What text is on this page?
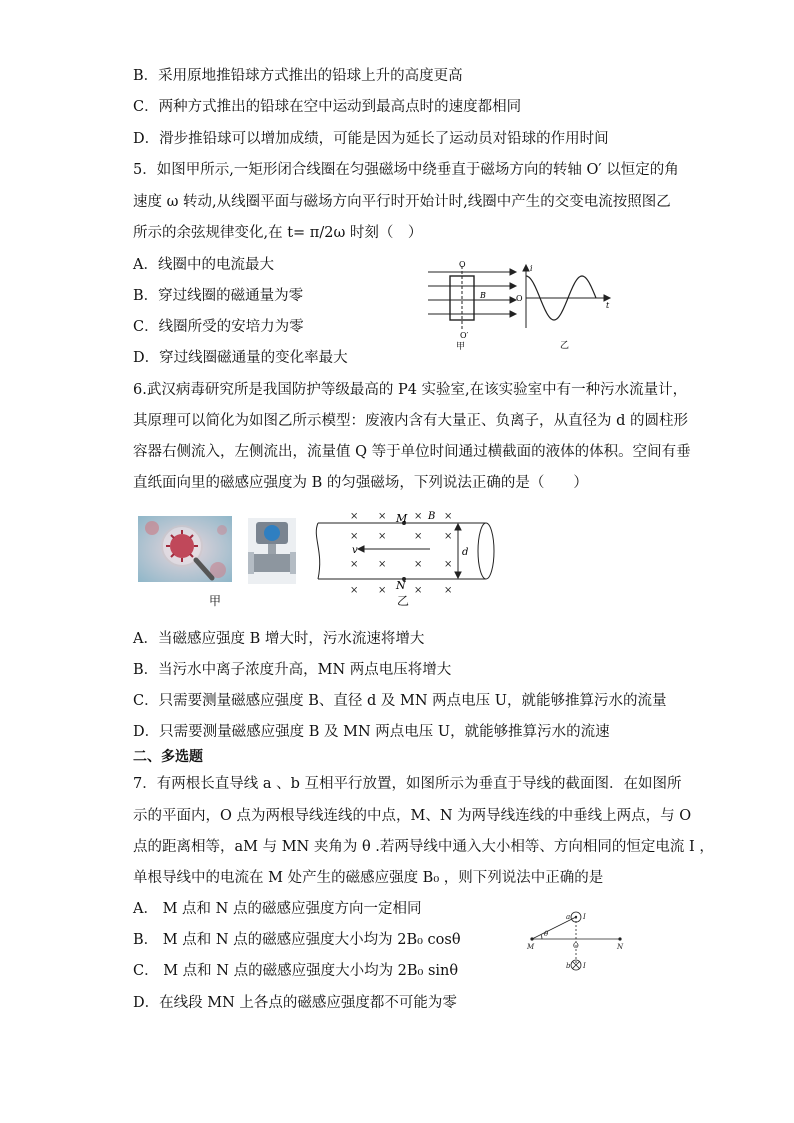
B．采用原地推铅球方式推出的铅球上升的高度更高
C．两种方式推出的铅球在空中运动到最高点时的速度都相同
D．滑步推铅球可以增加成绩，可能是因为延长了运动员对铅球的作用时间
5．如图甲所示,一矩形闭合线圈在匀强磁场中绕垂直于磁场方向的转轴 O′ 以恒定的角
速度 ω 转动,从线圈平面与磁场方向平行时开始计时,线圈中产生的交变电流按照图乙
所示的余弦规律变化,在 t= π/2ω 时刻（　）
A．线圈中的电流最大
B．穿过线圈的磁通量为零
C．线圈所受的安培力为零
D．穿过线圈磁通量的变化率最大
O
B
O′
甲
i
O
t
乙
6.武汉病毒研究所是我国防护等级最高的 P4 实验室,在该实验室中有一种污水流量计，
其原理可以简化为如图乙所示模型：废液内含有大量正、负离子，从直径为 d 的圆柱形
容器右侧流入，左侧流出，流量值 Q 等于单位时间通过横截面的液体的体积。空间有垂
直纸面向里的磁感应强度为 B 的匀强磁场，下列说法正确的是（　　）
× ×	× ×
× ×	× ×
× ×	× ×
× ×	× ×
M
N
B
v	d
甲	乙
A．当磁感应强度 B 增大时，污水流速将增大
B．当污水中离子浓度升高，MN 两点电压将增大
C．只需要测量磁感应强度 B、直径 d 及 MN 两点电压 U，就能够推算污水的流量
D．只需要测量磁感应强度 B 及 MN 两点电压 U，就能够推算污水的流速
二、多选题
7．有两根长直导线 a 、b 互相平行放置，如图所示为垂直于导线的截面图．在如图所
示的平面内，O 点为两根导线连线的中点，M、N 为两导线连线的中垂线上两点，与 O
点的距离相等，aM 与 MN 夹角为 θ .若两导线中通入大小相等、方向相同的恒定电流 I ，
单根导线中的电流在 M 处产生的磁感应强度 B₀ ，则下列说法中正确的是
A． M 点和 N 点的磁感应强度方向一定相同
B． M 点和 N 点的磁感应强度大小均为 2B₀ cosθ
C． M 点和 N 点的磁感应强度大小均为 2B₀ sinθ
D．在线段 MN 上各点的磁感应强度都不可能为零
a I
b I
M	N
O
θ
